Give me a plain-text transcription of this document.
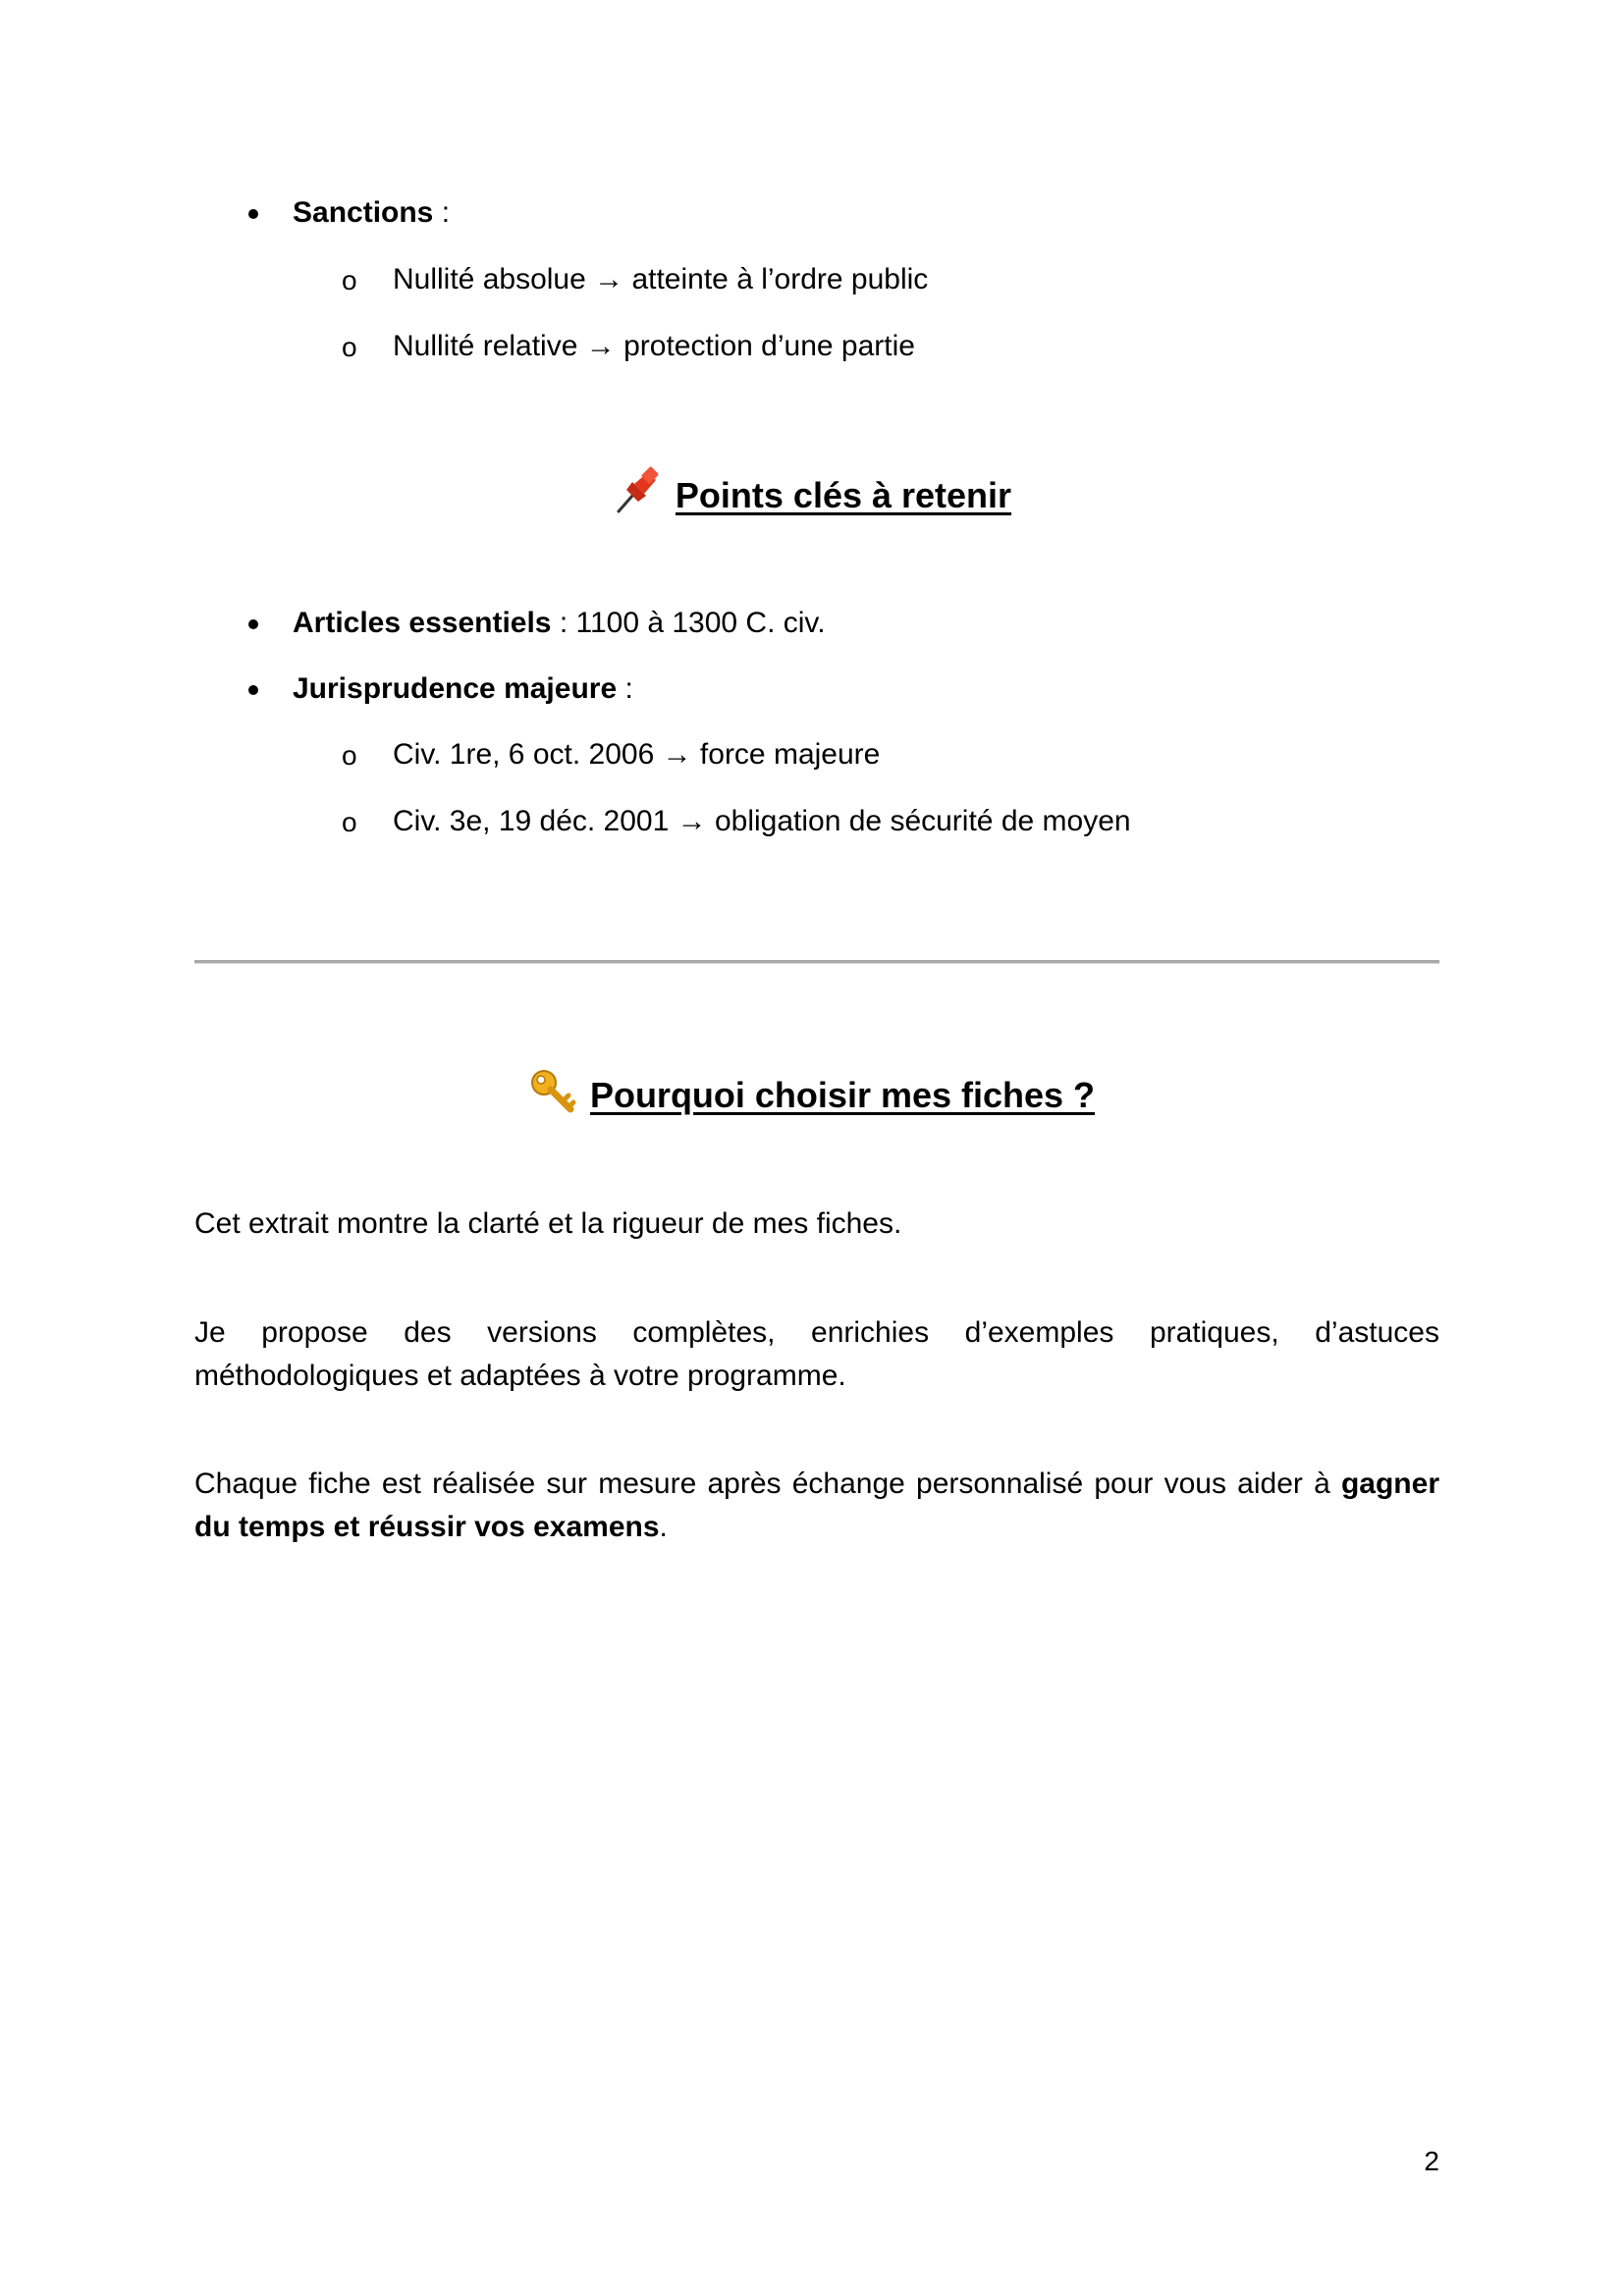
Sanctions :
o Nullité absolue → atteinte à l’ordre public
o Nullité relative → protection d’une partie
Points clés à retenir
Articles essentiels : 1100 à 1300 C. civ.
Jurisprudence majeure :
o Civ. 1re, 6 oct. 2006 → force majeure
o Civ. 3e, 19 déc. 2001 → obligation de sécurité de moyen
Pourquoi choisir mes fiches ?
Cet extrait montre la clarté et la rigueur de mes fiches.
Je propose des versions complètes, enrichies d’exemples pratiques, d’astuces méthodologiques et adaptées à votre programme.
Chaque fiche est réalisée sur mesure après échange personnalisé pour vous aider à gagner du temps et réussir vos examens.
2
